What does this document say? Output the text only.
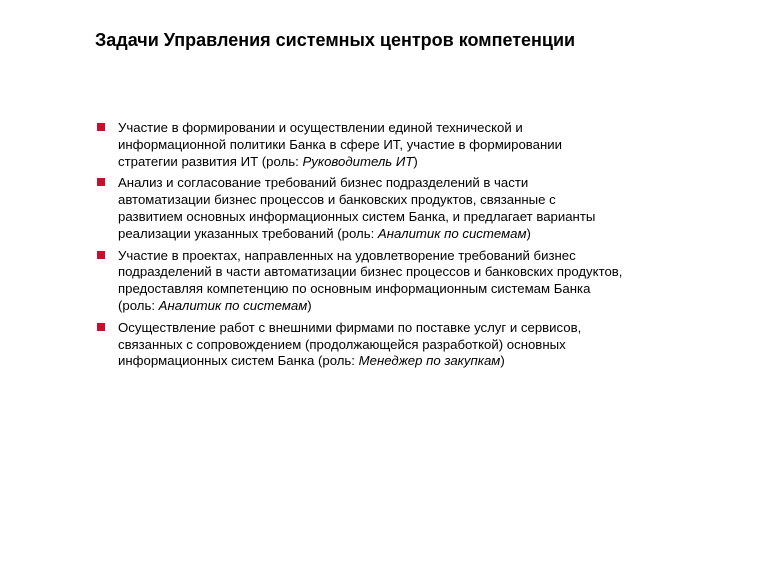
Задачи Управления системных центров компетенции
Участие в формировании и осуществлении единой технической и
информационной политики Банка в сфере ИТ, участие в формировании
стратегии развития ИТ (роль: Руководитель ИТ)
Анализ и согласование требований бизнес подразделений в части
автоматизации бизнес процессов и банковских продуктов, связанные с
развитием основных информационных систем Банка, и предлагает варианты
реализации указанных требований (роль: Аналитик по системам)
Участие в проектах, направленных на удовлетворение требований бизнес
подразделений в части автоматизации бизнес процессов и банковских продуктов,
предоставляя компетенцию по основным информационным системам Банка
(роль: Аналитик по системам)
Осуществление работ с внешними фирмами по поставке услуг и сервисов,
связанных с сопровождением (продолжающейся разработкой) основных
информационных систем Банка (роль: Менеджер по закупкам)
